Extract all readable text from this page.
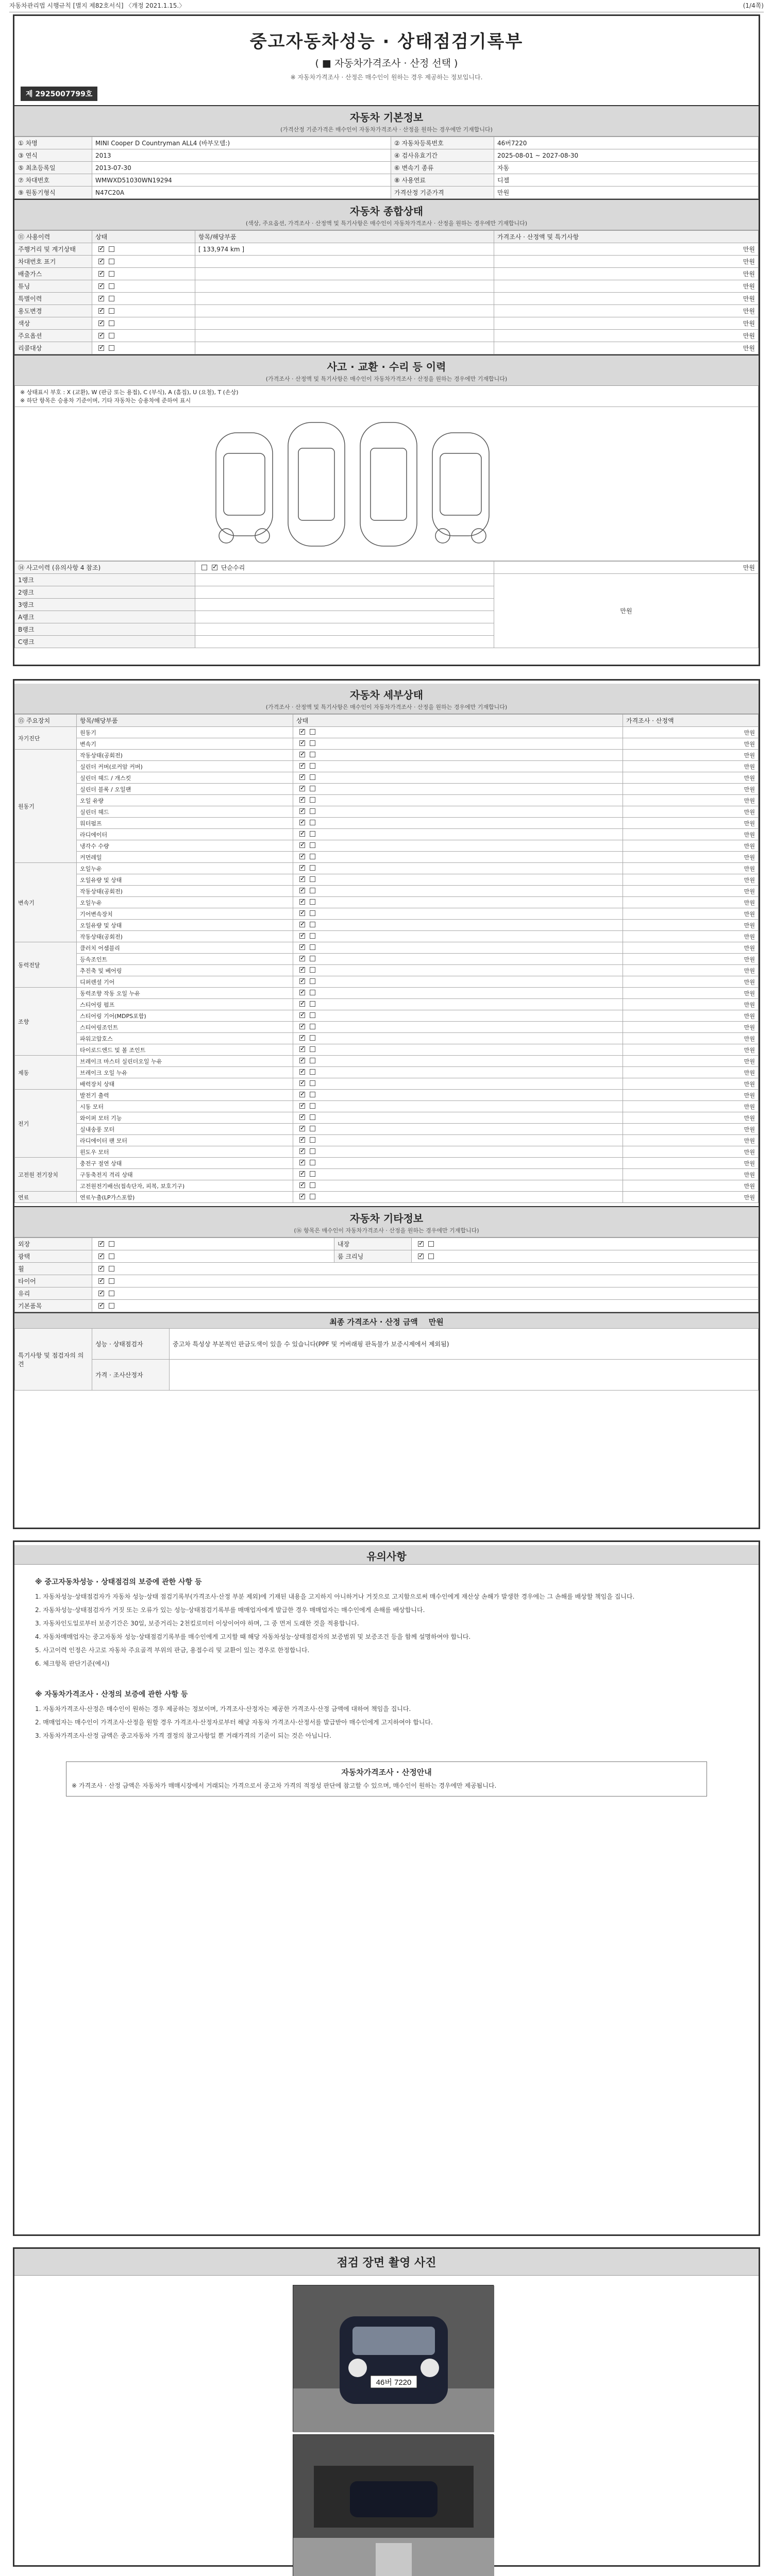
자동차관리법 시행규칙 [별지 제82호서식] 〈개정 2021.1.15.〉	(1/4쪽)
중고자동차성능 · 상태점검기록부
( ■ 자동차가격조사 · 산정 선택 )
※ 자동차가격조사 · 산정은 매수인이 원하는 경우 제공하는 정보입니다.
제 2925007799호
자동차 기본정보
(가격산정 기준가격은 매수인이 자동차가격조사 · 산정을 원하는 경우에만 기재합니다)
① 차명	MINI Cooper D Countryman ALL4 (바부모델:)	② 자동차등록번호	46버7220
③ 연식	2013	④ 검사유효기간	2025-08-01 ~ 2027-08-30
⑤ 최초등록일	2013-07-30	⑥ 변속기 종류	자동
⑦ 차대번호	WMWXD51030WN19294	⑧ 사용연료	디젤
⑨ 원동기형식	N47C20A	가격산정 기준가격	만원
자동차 종합상태
(색상, 주요옵션, 가격조사 · 산정액 및 특기사항은 매수인이 자동차가격조사 · 산정을 원하는 경우에만 기재합니다)
⑪ 사용이력	상태	항목/해당부품	가격조사 · 산정액 및 특기사항
주행거리 및 계기상태	✓	[ 133,974 km ]	만원
차대번호 표기	✓		만원
배출가스	✓		만원
튜닝	✓		만원
특별이력	✓		만원
용도변경	✓		만원
색상	✓		만원
주요옵션	✓		만원
리콜대상	✓		만원
사고 · 교환 · 수리 등 이력
(가격조사 · 산정액 및 특기사항은 매수인이 자동차가격조사 · 산정을 원하는 경우에만 기재합니다)
※ 상태표시 부호 : X (교환), W (판금 또는 용접), C (부식), A (흠집), U (요철), T (손상)
※ 하단 항목은 승용차 기준이며, 기타 자동차는 승용차에 준하여 표시
⑭ 사고이력 (유의사항 4 참조)	✓단순수리	만원
1랭크		만원
2랭크		
3랭크		
A랭크		
B랭크		
C랭크		
자동차 세부상태
(가격조사 · 산정액 및 특기사항은 매수인이 자동차가격조사 · 산정을 원하는 경우에만 기재합니다)
⑮ 주요장치	항목/해당부품	상태	가격조사 · 산정액
자기진단	원동기	✓	만원
	변속기	✓	만원
원동기	작동상태(공회전)	✓	만원
	실린더 커버(로커암 커버)	✓	만원
	실린더 헤드 / 개스킷	✓	만원
	실린더 블록 / 오일팬	✓	만원
	오일 유량	✓	만원
	실린더 헤드	✓	만원
	워터펌프	✓	만원
	라디에이터	✓	만원
	냉각수 수량	✓	만원
	커먼레일	✓	만원
변속기	오일누유	✓	만원
	오일유량 및 상태	✓	만원
	작동상태(공회전)	✓	만원
	오일누유	✓	만원
	기어변속장치	✓	만원
	오일유량 및 상태	✓	만원
	작동상태(공회전)	✓	만원
동력전달	클러치 어셈블리	✓	만원
	등속조인트	✓	만원
	추진축 및 베어링	✓	만원
	디퍼렌셜 기어	✓	만원
조향	동력조향 작동 오일 누유	✓	만원
	스티어링 펌프	✓	만원
	스티어링 기어(MDPS포함)	✓	만원
	스티어링조인트	✓	만원
	파워고압호스	✓	만원
	타이로드엔드 및 볼 조인트	✓	만원
제동	브레이크 마스터 실린더오일 누유	✓	만원
	브레이크 오일 누유	✓	만원
	배력장치 상태	✓	만원
전기	발전기 출력	✓	만원
	시동 모터	✓	만원
	와이퍼 모터 기능	✓	만원
	실내송풍 모터	✓	만원
	라디에이터 팬 모터	✓	만원
	윈도우 모터	✓	만원
고전원 전기장치	충전구 절연 상태	✓	만원
	구동축전지 격리 상태	✓	만원
	고전원전기배선(접속단자, 피복, 보호기구)	✓	만원
연료	연료누출(LP가스포함)	✓	만원
자동차 기타정보
(⑯ 항목은 매수인이 자동차가격조사 · 산정을 원하는 경우에만 기재합니다)
외장	✓	내장	✓
광택	✓	룸 크리닝	✓
휠	✓
타이어	✓
유리	✓
기본품목	✓
최종 가격조사 · 산정 금액 만원
특기사항 및 점검자의 의견	성능 · 상태점검자	중고차 특성상 부분적인 판금도색이 있을 수 있습니다(PPF 및 커버래핑 판독불가 보증시제에서 제외됨)
	가격 · 조사산정자	
유의사항
※ 중고자동차성능 · 상태점검의 보증에 관한 사항 등

1. 자동차성능·상태점검자가 자동차 성능·상태 점검기록부(가격조사·산정 부분 제외)에 기재된 내용을 고지하지 아니하거나 거짓으로 고지함으로써 매수인에게 재산상 손해가 발생한 경우에는 그 손해를 배상할 책임을 집니다.

2. 자동차성능·상태점검자가 거짓 또는 오류가 있는 성능·상태점검기록부를 매매업자에게 발급한 경우 매매업자는 매수인에게 손해를 배상합니다.

3. 자동차인도일로부터 보증기간은 30일, 보증거리는 2천킬로미터 이상이어야 하며, 그 중 먼저 도래한 것을 적용합니다.

4. 자동차매매업자는 중고자동차 성능·상태점검기록부를 매수인에게 고지할 때 해당 자동차성능·상태점검자의 보증범위 및 보증조건 등을 함께 설명하여야 합니다.

5. 사고이력 인정은 사고로 자동차 주요골격 부위의 판금, 용접수리 및 교환이 있는 경우로 한정합니다.

6. 체크항목 판단기준(예시)

※ 자동차가격조사 · 산정의 보증에 관한 사항 등

1. 자동차가격조사·산정은 매수인이 원하는 경우 제공하는 정보이며, 가격조사·산정자는 제공한 가격조사·산정 금액에 대하여 책임을 집니다.

2. 매매업자는 매수인이 가격조사·산정을 원할 경우 가격조사·산정자로부터 해당 자동차 가격조사·산정서를 발급받아 매수인에게 고지하여야 합니다.

3. 자동차가격조사·산정 금액은 중고자동차 가격 결정의 참고사항일 뿐 거래가격의 기준이 되는 것은 아닙니다.

자동차가격조사 · 산정안내
※ 가격조사 · 산정 금액은 자동차가 매매시장에서 거래되는 가격으로서 중고차 가격의 적정성 판단에 참고할 수 있으며, 매수인이 원하는 경우에만 제공됩니다.
점검 장면 촬영 사진
46버 7220
